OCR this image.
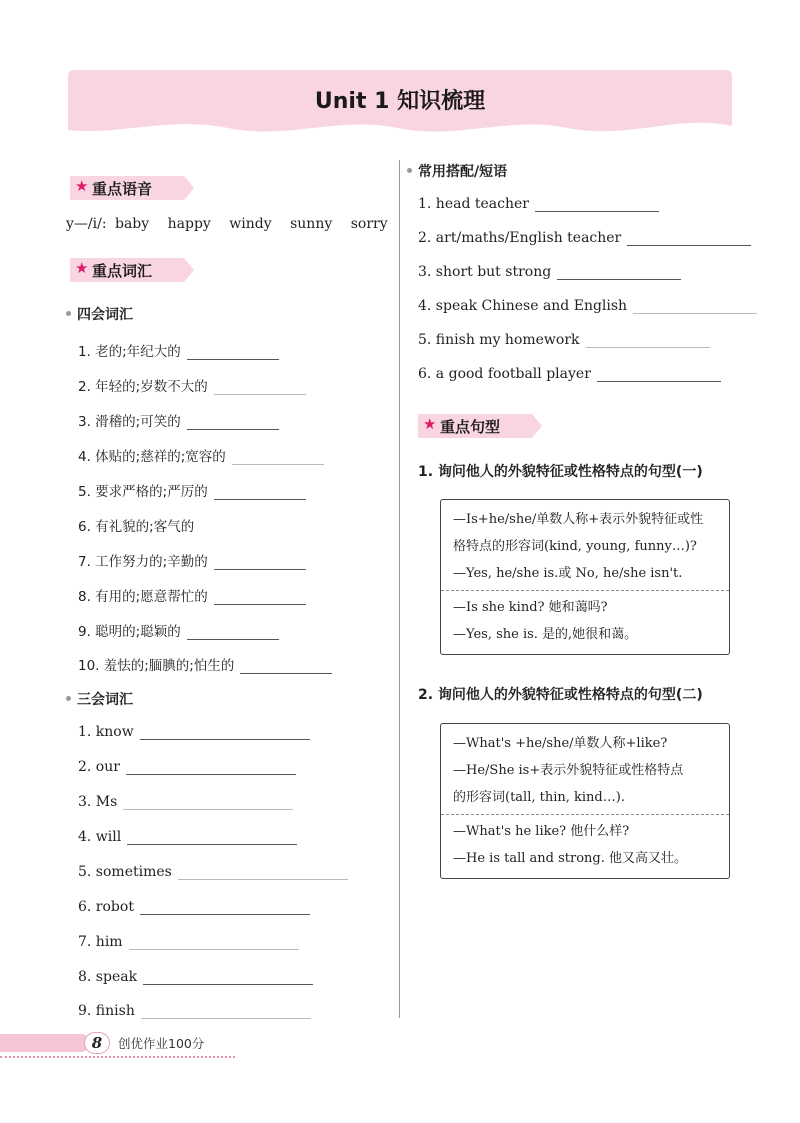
Unit 1 知识梳理
★ 重点语音
y—/i/: baby happy windy sunny sorry
★ 重点词汇
四会词汇
1. 老的;年纪大的
2. 年轻的;岁数不大的
3. 滑稽的;可笑的
4. 体贴的;慈祥的;宽容的
5. 要求严格的;严厉的
6. 有礼貌的;客气的
7. 工作努力的;辛勤的
8. 有用的;愿意帮忙的
9. 聪明的;聪颖的
10. 羞怯的;腼腆的;怕生的
三会词汇
1. know
2. our
3. Ms
4. will
5. sometimes
6. robot
7. him
8. speak
9. finish
常用搭配/短语
1. head teacher
2. art/maths/English teacher
3. short but strong
4. speak Chinese and English
5. finish my homework
6. a good football player
★ 重点句型
1. 询问他人的外貌特征或性格特点的句型(一)
—Is+he/she/单数人称+表示外貌特征或性
格特点的形容词(kind, young, funny…)?
—Yes, he/she is.或 No, he/she isn't.
—Is she kind? 她和蔼吗?
—Yes, she is. 是的,她很和蔼。
2. 询问他人的外貌特征或性格特点的句型(二)
—What's +he/she/单数人称+like?
—He/She is+表示外貌特征或性格特点
的形容词(tall, thin, kind…).
—What's he like? 他什么样?
—He is tall and strong. 他又高又壮。
8	创优作业100分
